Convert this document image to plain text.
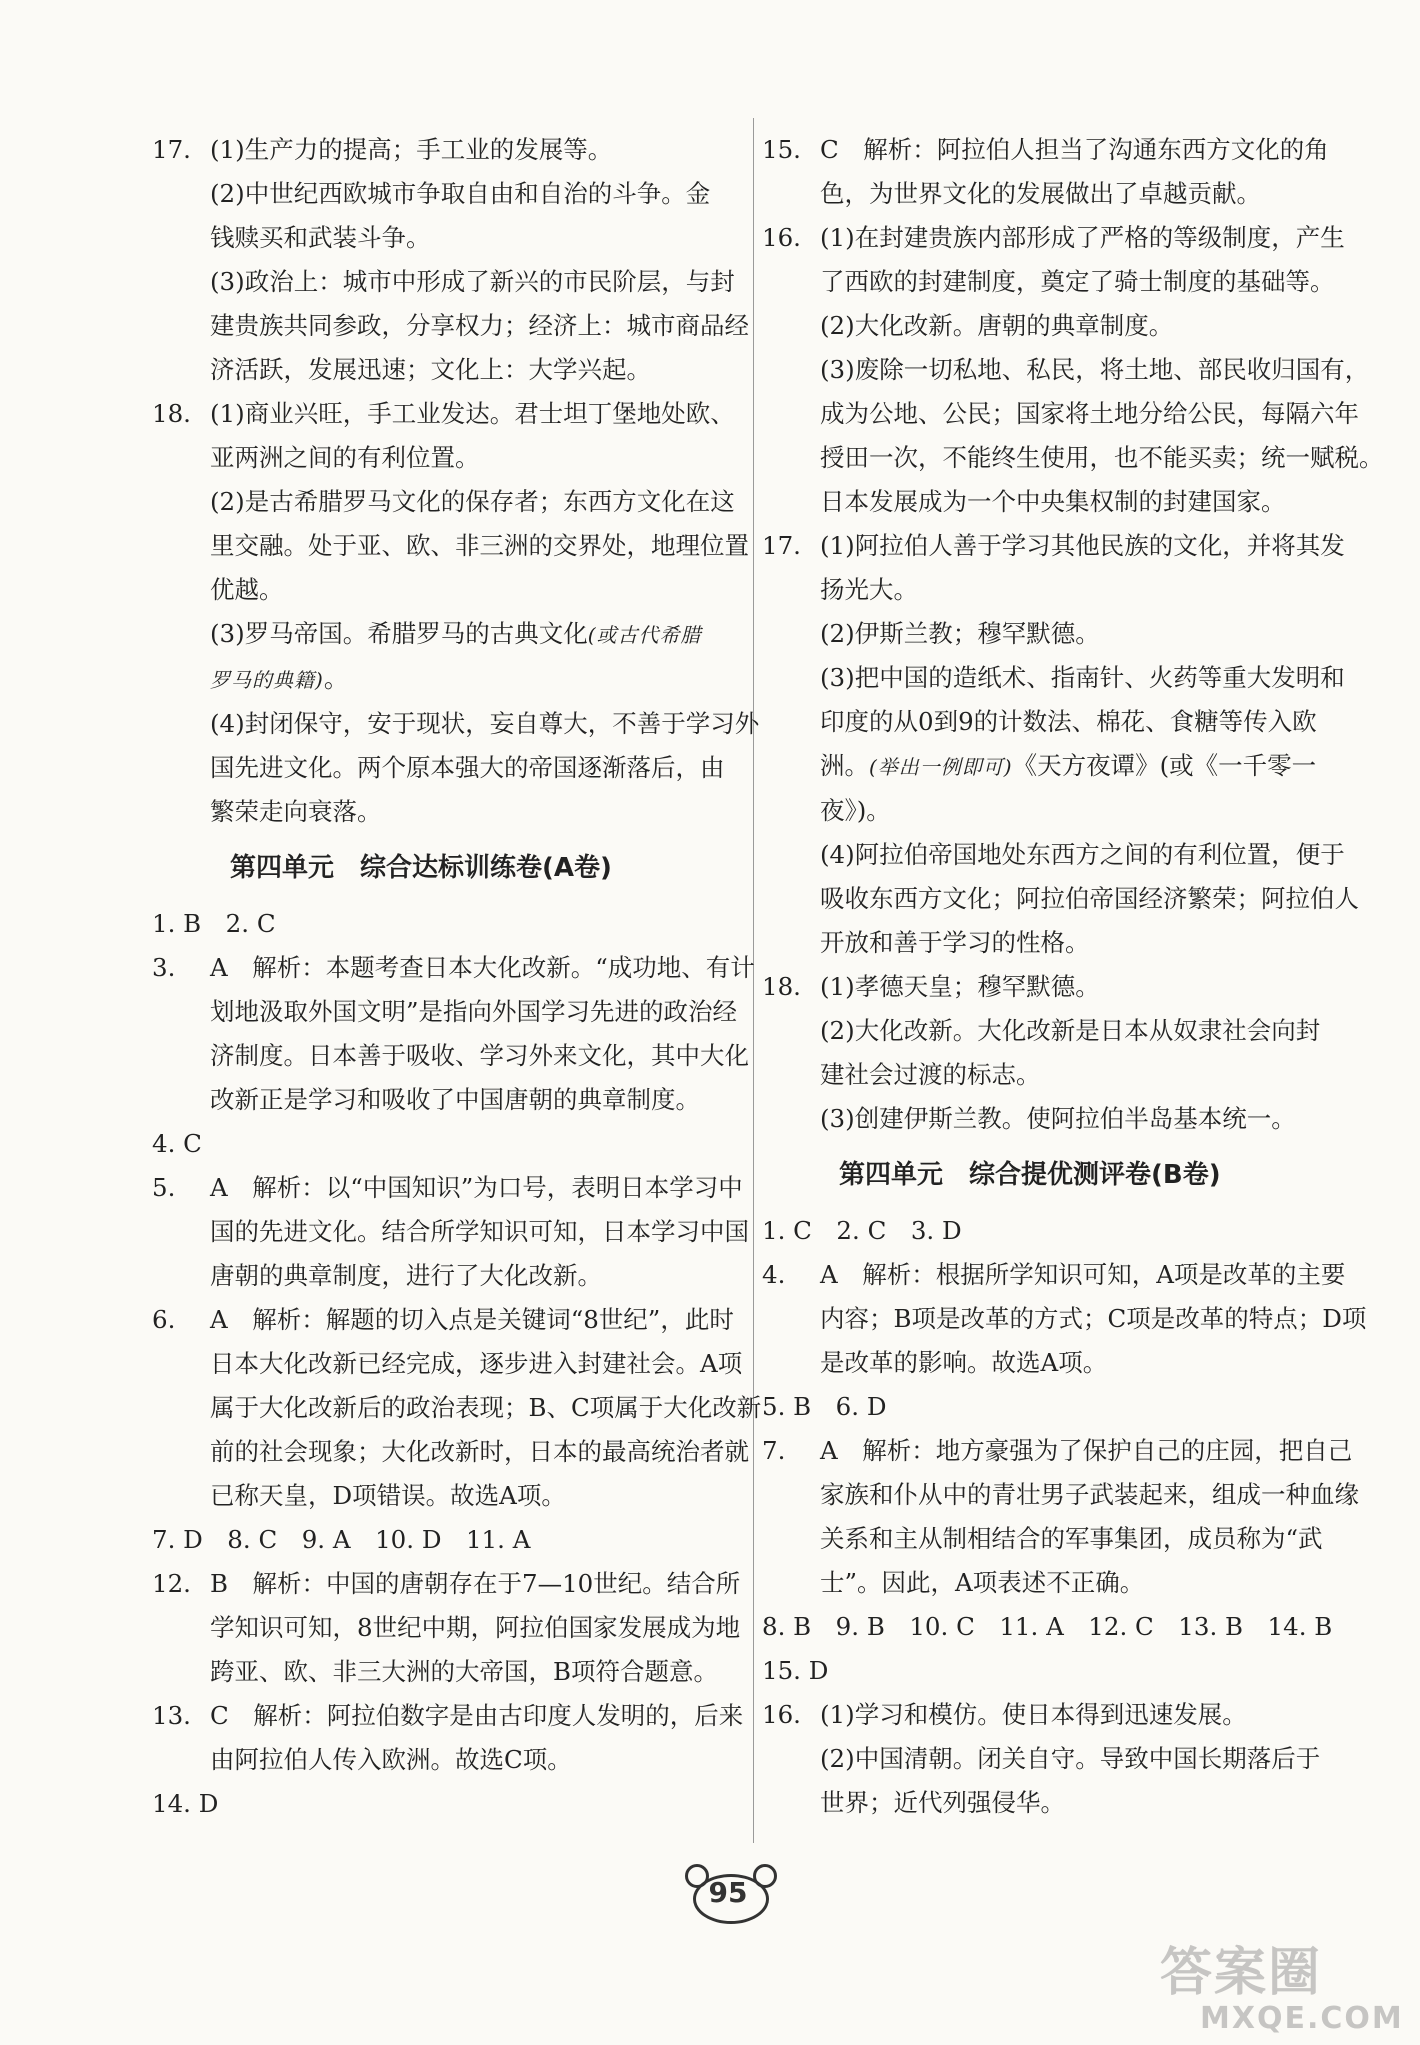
17. (1)生产力的提高；手工业的发展等。
(2)中世纪西欧城市争取自由和自治的斗争。金
钱赎买和武装斗争。
(3)政治上：城市中形成了新兴的市民阶层，与封
建贵族共同参政，分享权力；经济上：城市商品经
济活跃，发展迅速；文化上：大学兴起。
18. (1)商业兴旺，手工业发达。君士坦丁堡地处欧、
亚两洲之间的有利位置。
(2)是古希腊罗马文化的保存者；东西方文化在这
里交融。处于亚、欧、非三洲的交界处，地理位置
优越。
(3)罗马帝国。希腊罗马的古典文化(或古代希腊
罗马的典籍)。
(4)封闭保守，安于现状，妄自尊大，不善于学习外
国先进文化。两个原本强大的帝国逐渐落后，由
繁荣走向衰落。
第四单元　综合达标训练卷(A卷)
1. B　2. C
3. A　解析：本题考查日本大化改新。“成功地、有计
划地汲取外国文明”是指向外国学习先进的政治经
济制度。日本善于吸收、学习外来文化，其中大化
改新正是学习和吸收了中国唐朝的典章制度。
4. C
5. A　解析：以“中国知识”为口号，表明日本学习中
国的先进文化。结合所学知识可知，日本学习中国
唐朝的典章制度，进行了大化改新。
6. A　解析：解题的切入点是关键词“8世纪”，此时
日本大化改新已经完成，逐步进入封建社会。A项
属于大化改新后的政治表现；B、C项属于大化改新
前的社会现象；大化改新时，日本的最高统治者就
已称天皇，D项错误。故选A项。
7. D　8. C　9. A　10. D　11. A
12. B　解析：中国的唐朝存在于7—10世纪。结合所
学知识可知，8世纪中期，阿拉伯国家发展成为地
跨亚、欧、非三大洲的大帝国，B项符合题意。
13. C　解析：阿拉伯数字是由古印度人发明的，后来
由阿拉伯人传入欧洲。故选C项。
14. D
15. C　解析：阿拉伯人担当了沟通东西方文化的角
色，为世界文化的发展做出了卓越贡献。
16. (1)在封建贵族内部形成了严格的等级制度，产生
了西欧的封建制度，奠定了骑士制度的基础等。
(2)大化改新。唐朝的典章制度。
(3)废除一切私地、私民，将土地、部民收归国有，
成为公地、公民；国家将土地分给公民，每隔六年
授田一次，不能终生使用，也不能买卖；统一赋税。
日本发展成为一个中央集权制的封建国家。
17. (1)阿拉伯人善于学习其他民族的文化，并将其发
扬光大。
(2)伊斯兰教；穆罕默德。
(3)把中国的造纸术、指南针、火药等重大发明和
印度的从0到9的计数法、棉花、食糖等传入欧
洲。(举出一例即可)《天方夜谭》(或《一千零一
夜》)。
(4)阿拉伯帝国地处东西方之间的有利位置，便于
吸收东西方文化；阿拉伯帝国经济繁荣；阿拉伯人
开放和善于学习的性格。
18. (1)孝德天皇；穆罕默德。
(2)大化改新。大化改新是日本从奴隶社会向封
建社会过渡的标志。
(3)创建伊斯兰教。使阿拉伯半岛基本统一。
第四单元　综合提优测评卷(B卷)
1. C　2. C　3. D
4. A　解析：根据所学知识可知，A项是改革的主要
内容；B项是改革的方式；C项是改革的特点；D项
是改革的影响。故选A项。
5. B　6. D
7. A　解析：地方豪强为了保护自己的庄园，把自己
家族和仆从中的青壮男子武装起来，组成一种血缘
关系和主从制相结合的军事集团，成员称为“武
士”。因此，A项表述不正确。
8. B　9. B　10. C　11. A　12. C　13. B　14. B
15. D
16. (1)学习和模仿。使日本得到迅速发展。
(2)中国清朝。闭关自守。导致中国长期落后于
世界；近代列强侵华。
95
答案圈
MXQE.COM
